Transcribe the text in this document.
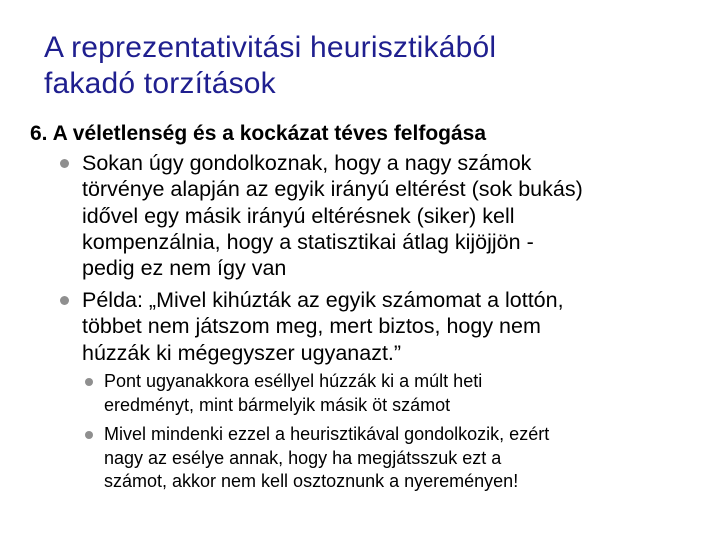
A reprezentativitási heurisztikából
fakadó torzítások

6. A véletlenség és a kockázat téves felfogása

Sokan úgy gondolkoznak, hogy a nagy számok
törvénye alapján az egyik irányú eltérést (sok bukás)
idővel egy másik irányú eltérésnek (siker) kell
kompenzálnia, hogy a statisztikai átlag kijöjjön -
pedig ez nem így van
Példa: „Mivel kihúzták az egyik számomat a lottón,
többet nem játszom meg, mert biztos, hogy nem
húzzák ki mégegyszer ugyanazt.”
Pont ugyanakkora eséllyel húzzák ki a múlt heti
eredményt, mint bármelyik másik öt számot
Mivel mindenki ezzel a heurisztikával gondolkozik, ezért
nagy az esélye annak, hogy ha megjátsszuk ezt a
számot, akkor nem kell osztoznunk a nyereményen!
